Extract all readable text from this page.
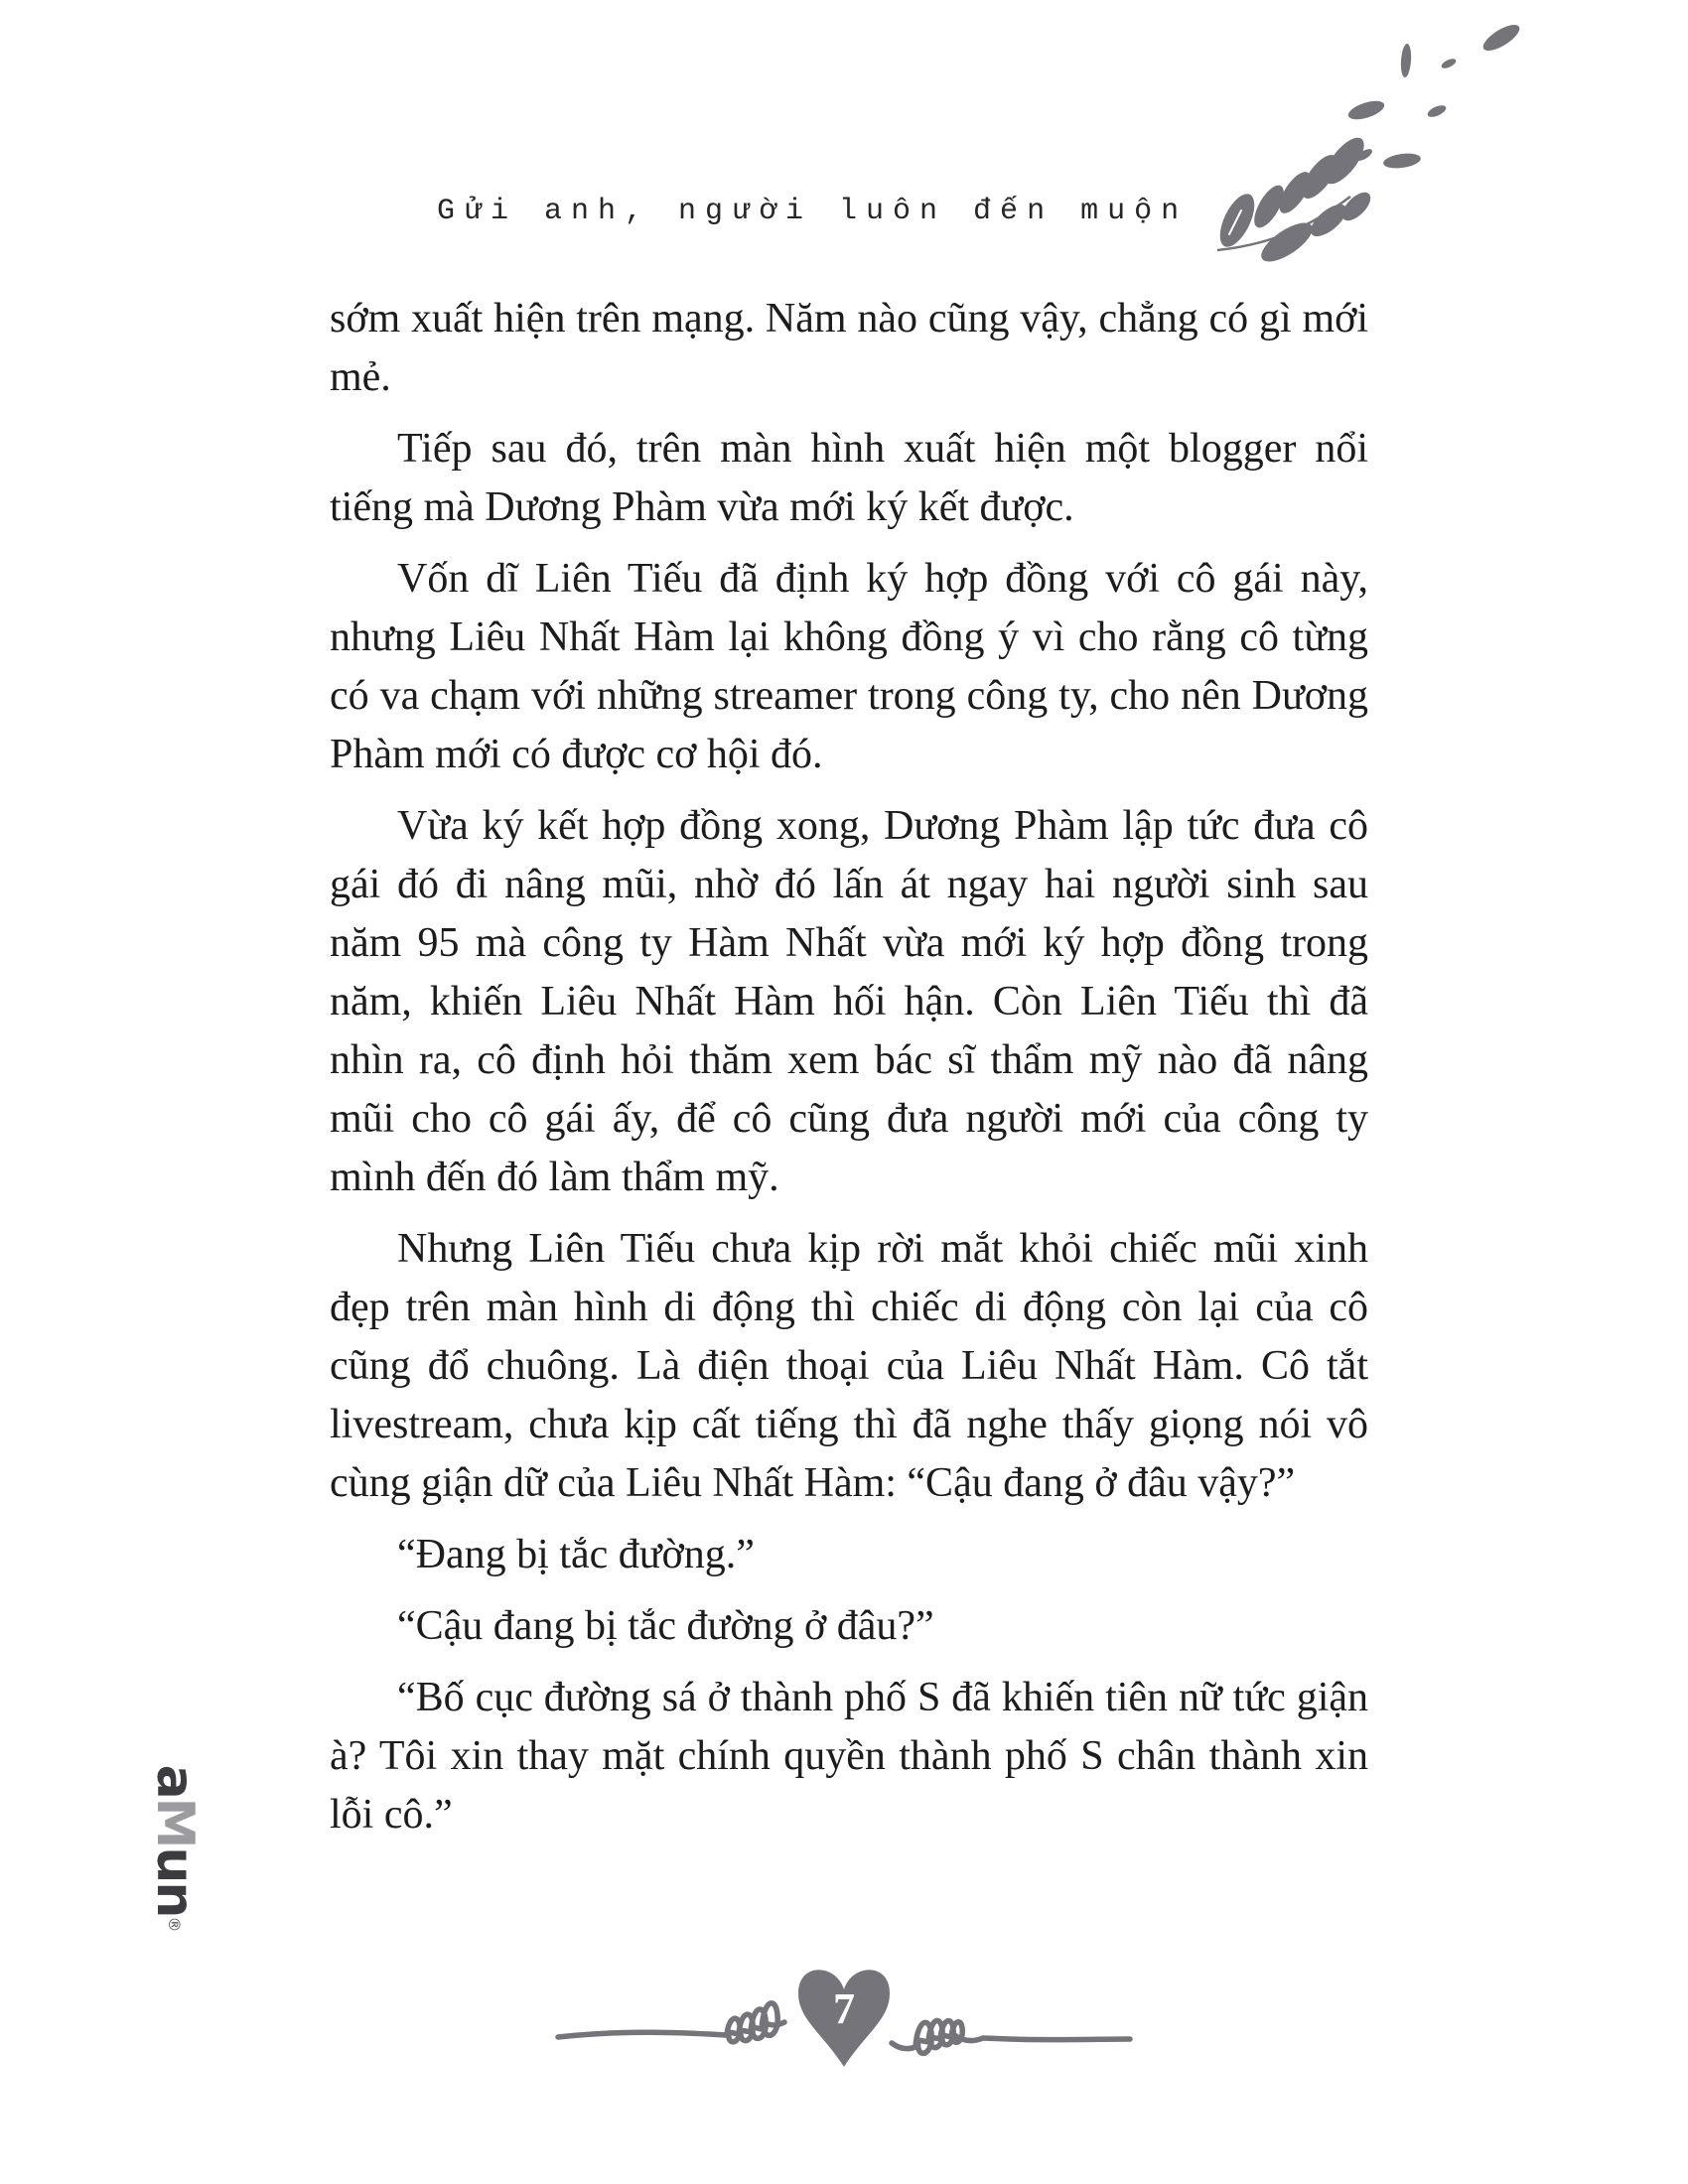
Gửi anh, người luôn đến muộn

sớm xuất hiện trên mạng. Năm nào cũng vậy, chẳng có gì mới mẻ.

Tiếp sau đó, trên màn hình xuất hiện một blogger nổi tiếng mà Dương Phàm vừa mới ký kết được.

Vốn dĩ Liên Tiếu đã định ký hợp đồng với cô gái này, nhưng Liêu Nhất Hàm lại không đồng ý vì cho rằng cô từng có va chạm với những streamer trong công ty, cho nên Dương Phàm mới có được cơ hội đó.

Vừa ký kết hợp đồng xong, Dương Phàm lập tức đưa cô gái đó đi nâng mũi, nhờ đó lấn át ngay hai người sinh sau năm 95 mà công ty Hàm Nhất vừa mới ký hợp đồng trong năm, khiến Liêu Nhất Hàm hối hận. Còn Liên Tiếu thì đã nhìn ra, cô định hỏi thăm xem bác sĩ thẩm mỹ nào đã nâng mũi cho cô gái ấy, để cô cũng đưa người mới của công ty mình đến đó làm thẩm mỹ.

Nhưng Liên Tiếu chưa kịp rời mắt khỏi chiếc mũi xinh đẹp trên màn hình di động thì chiếc di động còn lại của cô cũng đổ chuông. Là điện thoại của Liêu Nhất Hàm. Cô tắt livestream, chưa kịp cất tiếng thì đã nghe thấy giọng nói vô cùng giận dữ của Liêu Nhất Hàm: “Cậu đang ở đâu vậy?”

“Đang bị tắc đường.”

“Cậu đang bị tắc đường ở đâu?”

“Bố cục đường sá ở thành phố S đã khiến tiên nữ tức giận à? Tôi xin thay mặt chính quyền thành phố S chân thành xin lỗi cô.”

a
M
un
®
7
